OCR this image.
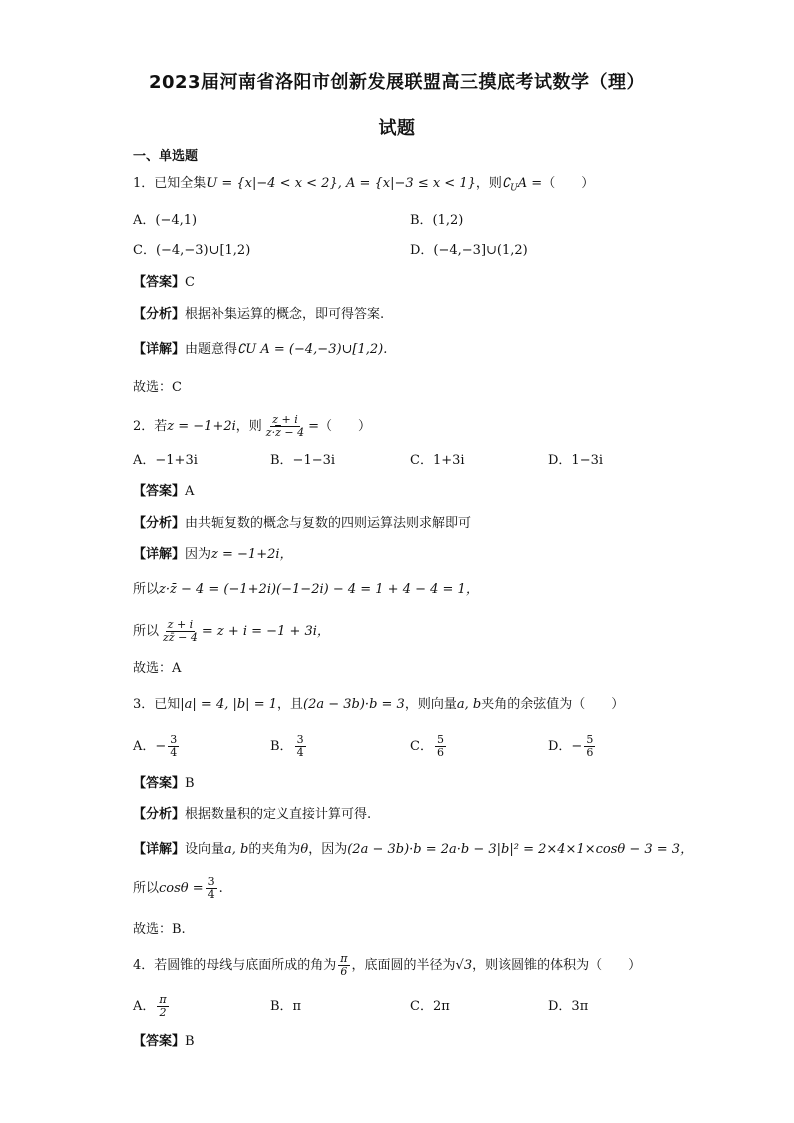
2023届河南省洛阳市创新发展联盟高三摸底考试数学（理）
试题
一、单选题
1．已知全集U = {x|−4 < x < 2}, A = {x|−3 ≤ x < 1}，则$∁_UA$ =（　　）
A．(−4,1)	B．(1,2)
C．(−4,−3)∪[1,2)	D．(−4,−3]∪(1,2)
【答案】C
【分析】根据补集运算的概念，即可得答案.
【详解】由题意得∁U A = (−4,−3)∪[1,2).
故选：C
2．若z = −1+2i，则 $\frac{z + i}{z\cdot\overline{z} - 4}$ =（　　）
A．−1+3i	B．−1−3i	C．1+3i	D．1−3i
【答案】A
【分析】由共轭复数的概念与复数的四则运算法则求解即可
【详解】因为z = −1+2i，
所以z·z̄ − 4 = (−1+2i)(−1−2i) − 4 = 1 + 4 − 4 = 1，
所以 $\frac{z + i}{zz̄ - 4} = z + i = -1 + 3i$，
故选：A
3．已知|a| = 4, |b| = 1，且(2a − 3b)·b = 3，则向量a, b夹角的余弦值为（　　）
A．− $\frac{3}{4}$	B． $\frac{3}{4}$	C． $\frac{5}{6}$	D．− $\frac{5}{6}$
【答案】B
【分析】根据数量积的定义直接计算可得.
【详解】设向量a, b的夹角为θ，因为(2a − 3b)·b = 2a·b − 3|b|² = 2×4×1×cosθ − 3 = 3，
所以$\cos\theta = \frac{3}{4}$ .
故选：B.
4．若圆锥的母线与底面所成的角为 $\frac{\pi}{6}$ ，底面圆的半径为√3，则该圆锥的体积为（　　）
A． $\frac{\pi}{2}$	B．π	C．2π	D．3π
【答案】B
